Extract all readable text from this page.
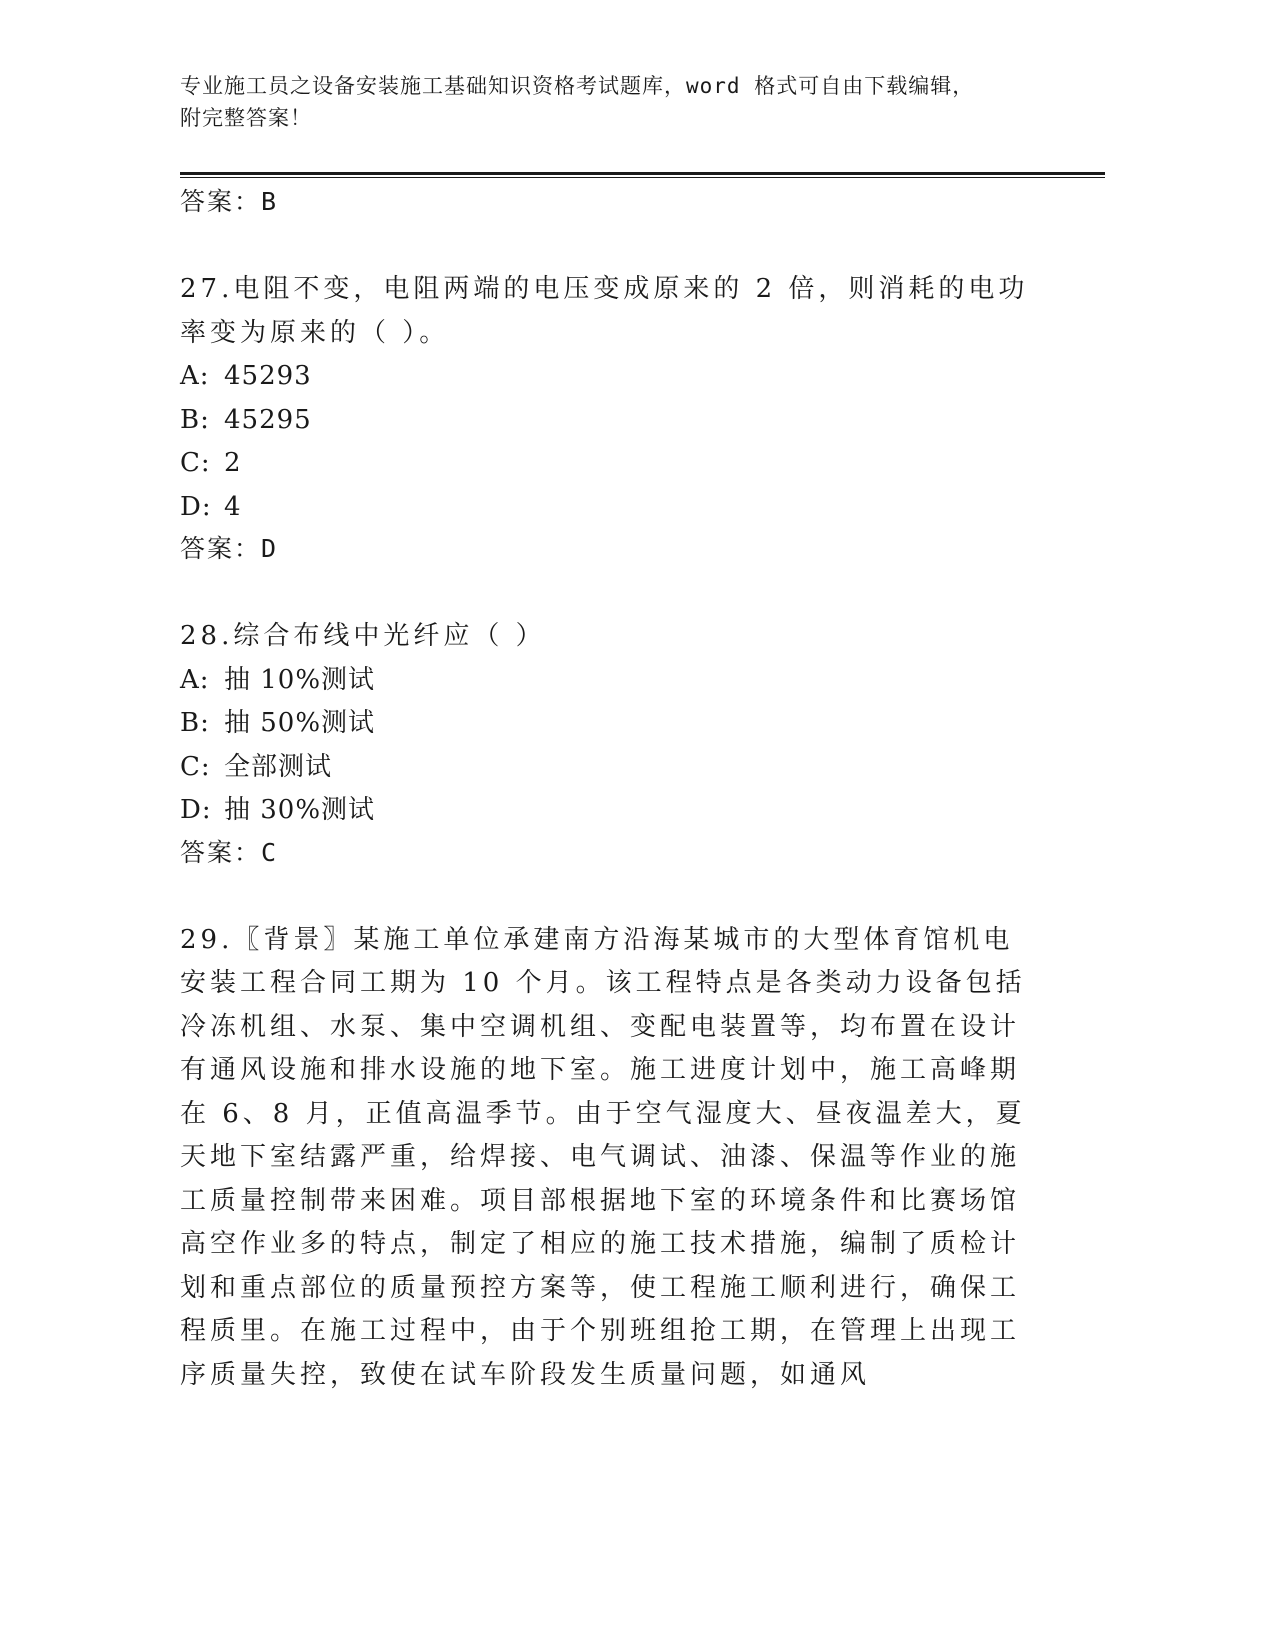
专业施工员之设备安装施工基础知识资格考试题库，word 格式可自由下载编辑，
附完整答案！

答案：B

27.电阻不变，电阻两端的电压变成原来的 2 倍，则消耗的电功率变为原来的（ ）。

A: 45293

B: 45295

C: 2

D: 4

答案：D

28.综合布线中光纤应（ ）

A: 抽 10%测试

B: 抽 50%测试

C: 全部测试

D: 抽 30%测试

答案：C

29.〖背景〗某施工单位承建南方沿海某城市的大型体育馆机电安装工程合同工期为 10 个月。该工程特点是各类动力设备包括冷冻机组、水泵、集中空调机组、变配电装置等，均布置在设计有通风设施和排水设施的地下室。施工进度计划中，施工高峰期在 6、8 月，正值高温季节。由于空气湿度大、昼夜温差大，夏天地下室结露严重，给焊接、电气调试、油漆、保温等作业的施工质量控制带来困难。项目部根据地下室的环境条件和比赛场馆高空作业多的特点，制定了相应的施工技术措施，编制了质检计划和重点部位的质量预控方案等，使工程施工顺利进行，确保工程质里。在施工过程中，由于个别班组抢工期，在管理上出现工序质量失控，致使在试车阶段发生质量问题，如通风
